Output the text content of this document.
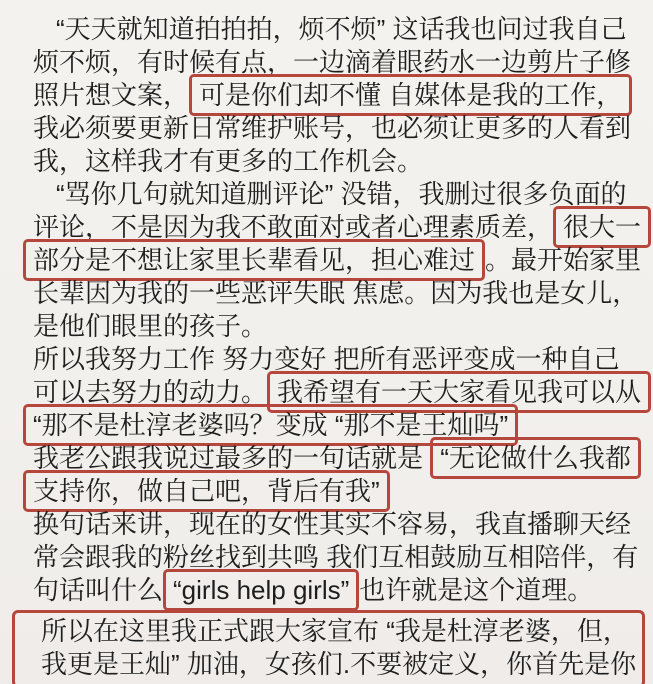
“天天就知道拍拍拍，烦不烦” 这话我也问过我自己
烦不烦，有时候有点，一边滴着眼药水一边剪片子修
照片想文案， 可是你们却不懂 自媒体是我的工作，
我必须要更新日常维护账号，也必须让更多的人看到
我，这样我才有更多的工作机会。
“骂你几句就知道删评论” 没错，我删过很多负面的
评论，不是因为我不敢面对或者心理素质差， 很大一
部分是不想让家里长辈看见，担心难过 。最开始家里
长辈因为我的一些恶评失眠 焦虑。因为我也是女儿，
是他们眼里的孩子。
所以我努力工作 努力变好 把所有恶评变成一种自己
可以去努力的动力。 我希望有一天大家看见我可以从
“那不是杜淳老婆吗？变成 “那不是王灿吗”
我老公跟我说过最多的一句话就是 “无论做什么我都
支持你，做自己吧，背后有我”
换句话来讲，现在的女性其实不容易，我直播聊天经
常会跟我的粉丝找到共鸣 我们互相鼓励互相陪伴，有
句话叫什么 “girls help girls” 也许就是这个道理。
所以在这里我正式跟大家宣布 “我是杜淳老婆，但，
我更是王灿” 加油，女孩们.不要被定义，你首先是你
